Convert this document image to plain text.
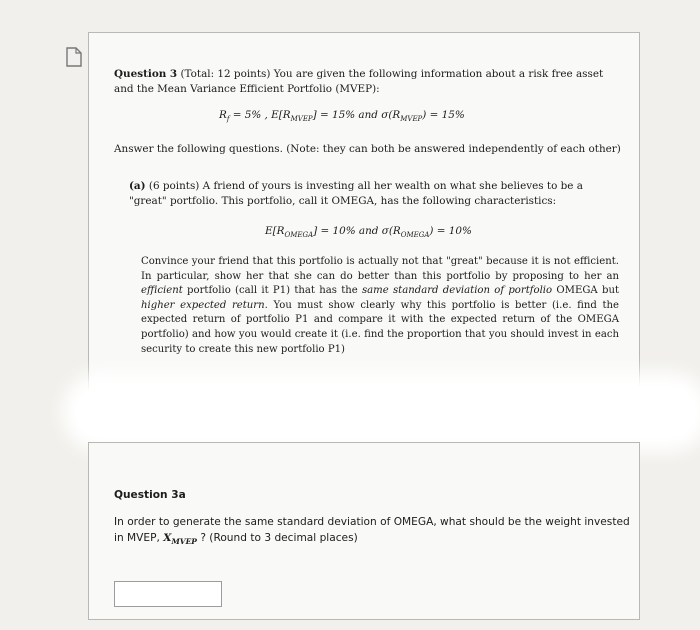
Question 3 (Total: 12 points) You are given the following information about a risk free asset and the Mean Variance Efficient Portfolio (MVEP):
$R_f = 5\%$ , $E[R_{MVEP}] = 15\%$ and $\sigma(R_{MVEP}) = 15\%$
Answer the following questions. (Note: they can both be answered independently of each other)
(a) (6 points) A friend of yours is investing all her wealth on what she believes to be a "great" portfolio. This portfolio, call it OMEGA, has the following characteristics:
$E[R_{OMEGA}] = 10\%$ and $\sigma(R_{OMEGA}) = 10\%$
Convince your friend that this portfolio is actually not that "great" because it is not efficient. In particular, show her that she can do better than this portfolio by proposing to her an efficient portfolio (call it P1) that has the same standard deviation of portfolio OMEGA but higher expected return. You must show clearly why this portfolio is better (i.e. find the expected return of portfolio P1 and compare it with the expected return of the OMEGA portfolio) and how you would create it (i.e. find the proportion that you should invest in each security to create this new portfolio P1)
Question 3a
In order to generate the same standard deviation of OMEGA, what should be the weight invested in MVEP, $X_{MVEP}$ ? (Round to 3 decimal places)
